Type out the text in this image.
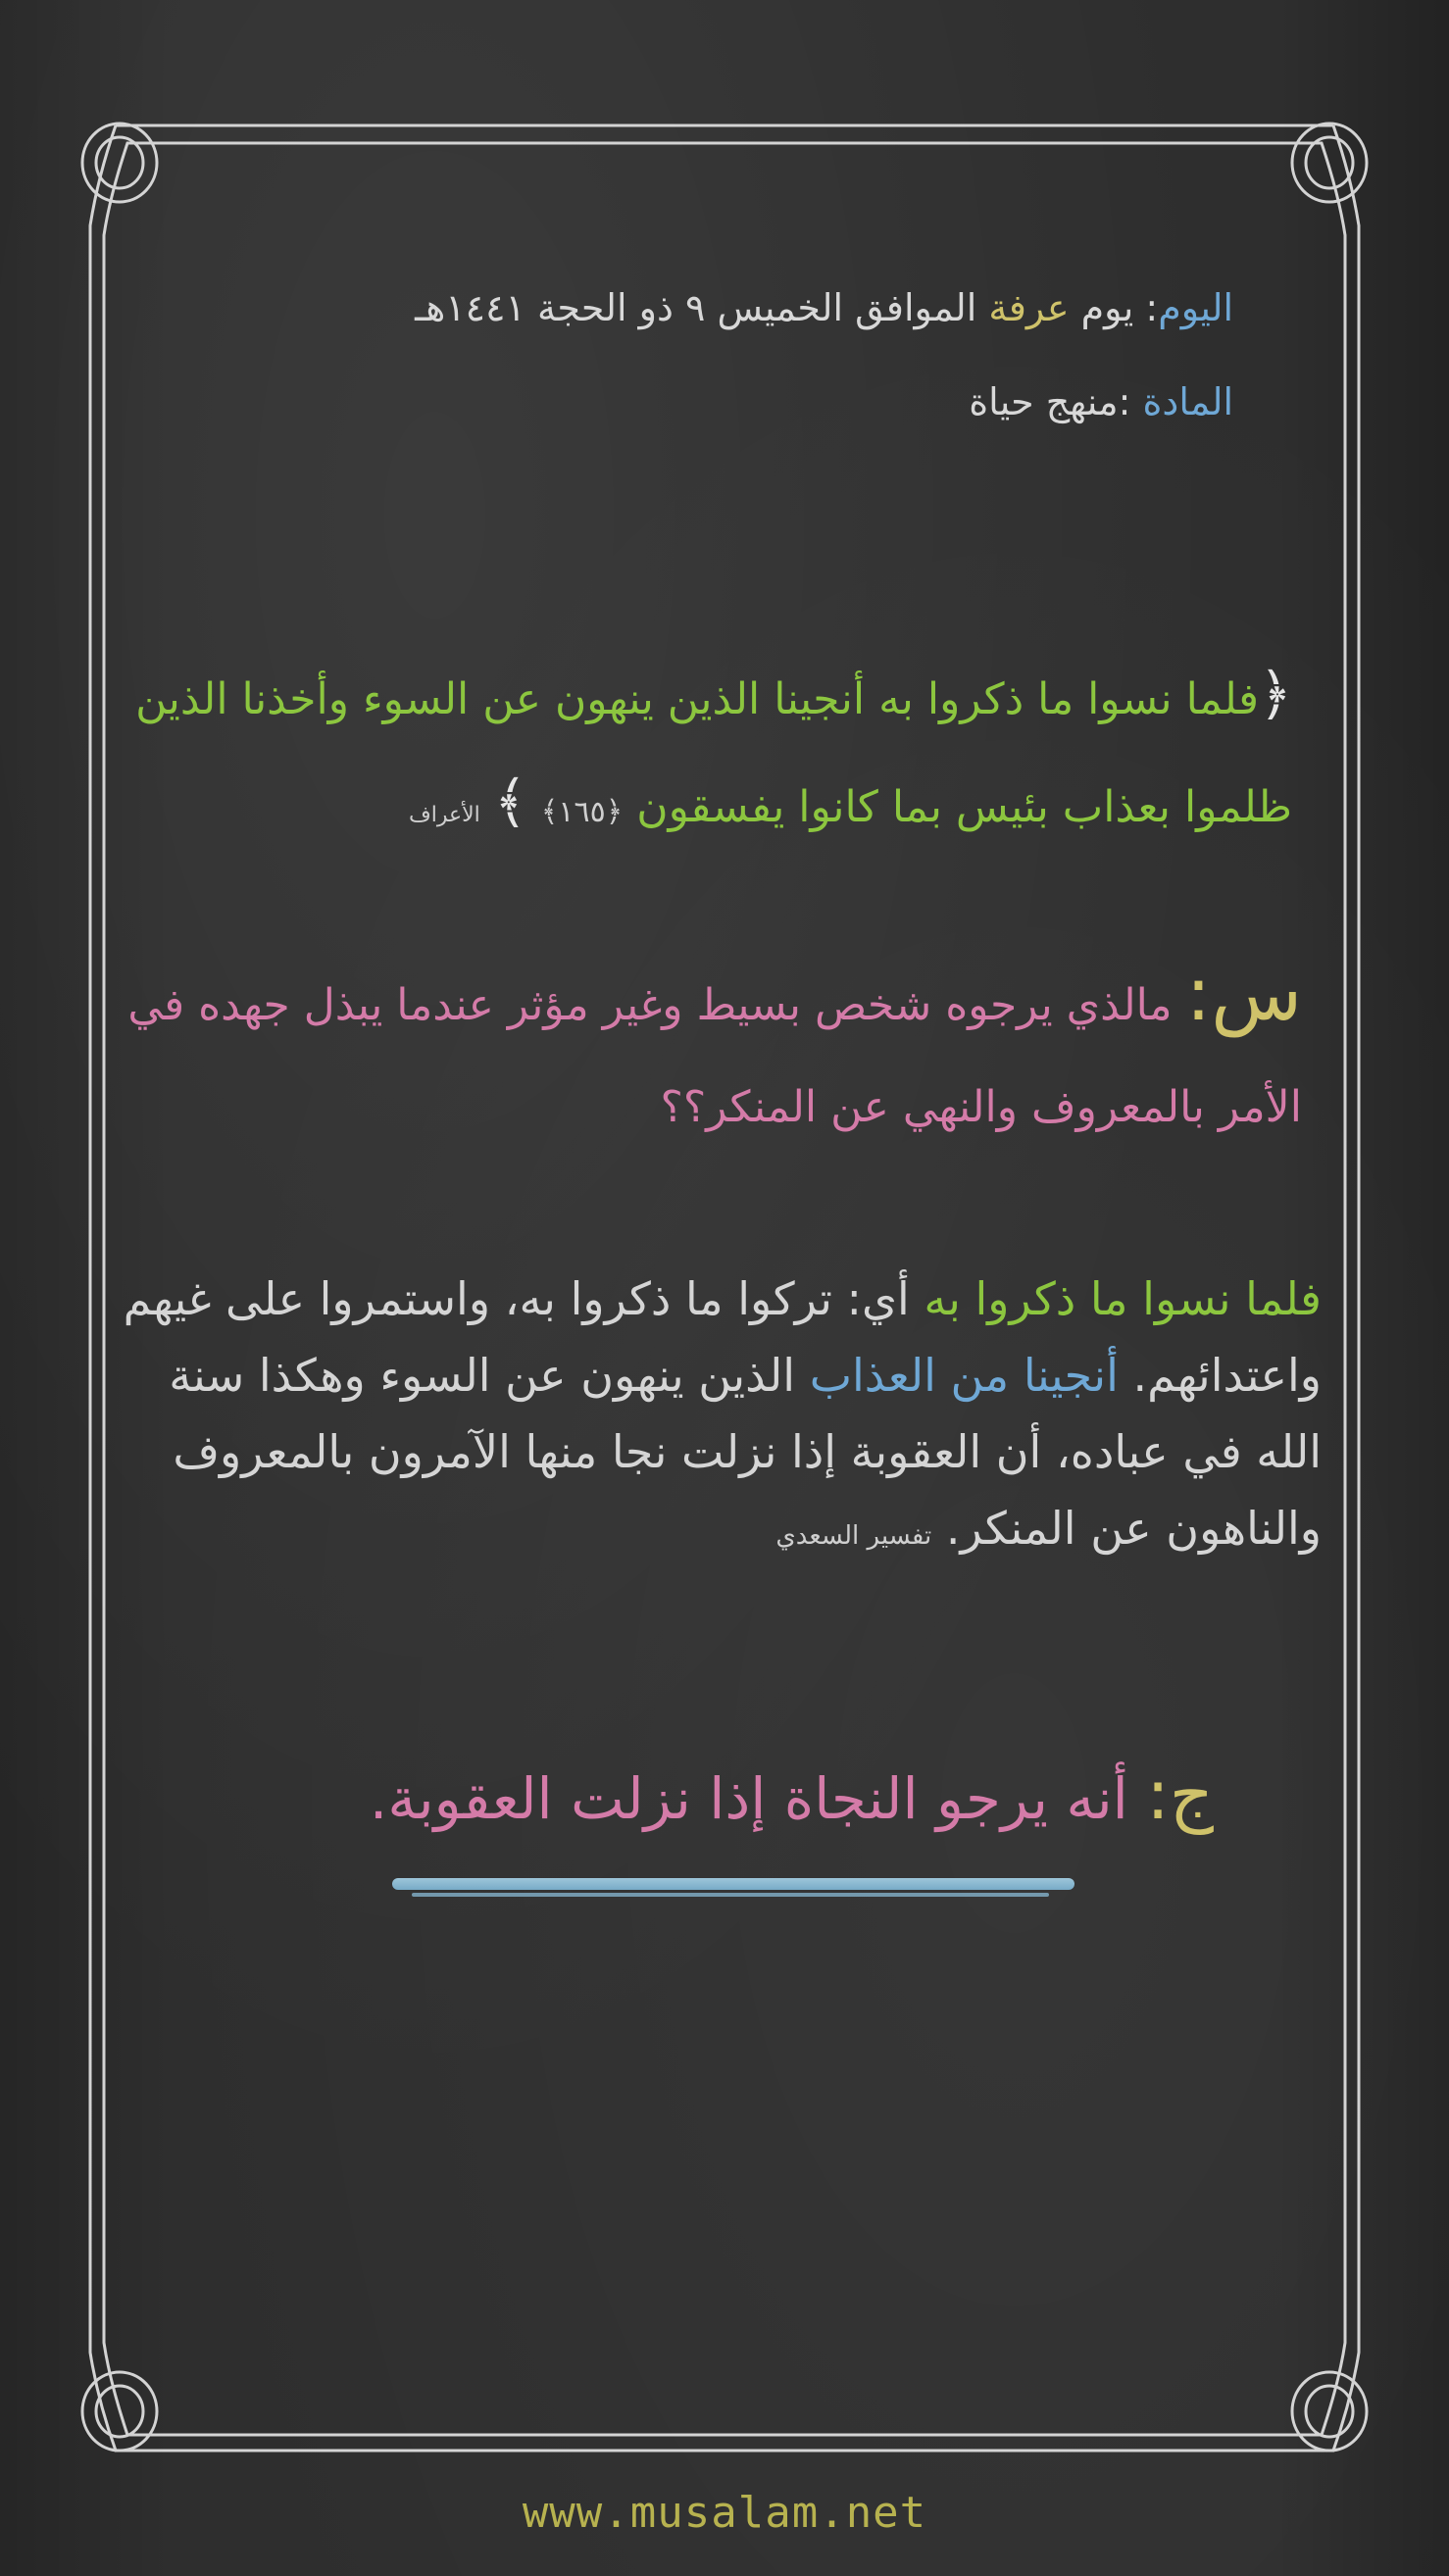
اليوم: يوم عرفة الموافق الخميس ٩ ذو الحجة ١٤٤١هـ
المادة :منهج حياة
﴿فلما نسوا ما ذكروا به أنجينا الذين ينهون عن السوء وأخذنا الذين ظلموا بعذاب بئيس بما كانوا يفسقون ﴿١٦٥﴾ ﴾ الأعراف
س: مالذي يرجوه شخص بسيط وغير مؤثر عندما يبذل جهده في الأمر بالمعروف والنهي عن المنكر؟؟
فلما نسوا ما ذكروا به أي: تركوا ما ذكروا به، واستمروا على غيهم واعتدائهم. أنجينا من العذاب الذين ينهون عن السوء وهكذا سنة الله في عباده، أن العقوبة إذا نزلت نجا منها الآمرون بالمعروف والناهون عن المنكر. تفسير السعدي
ج: أنه يرجو النجاة إذا نزلت العقوبة.
www.musalam.net
